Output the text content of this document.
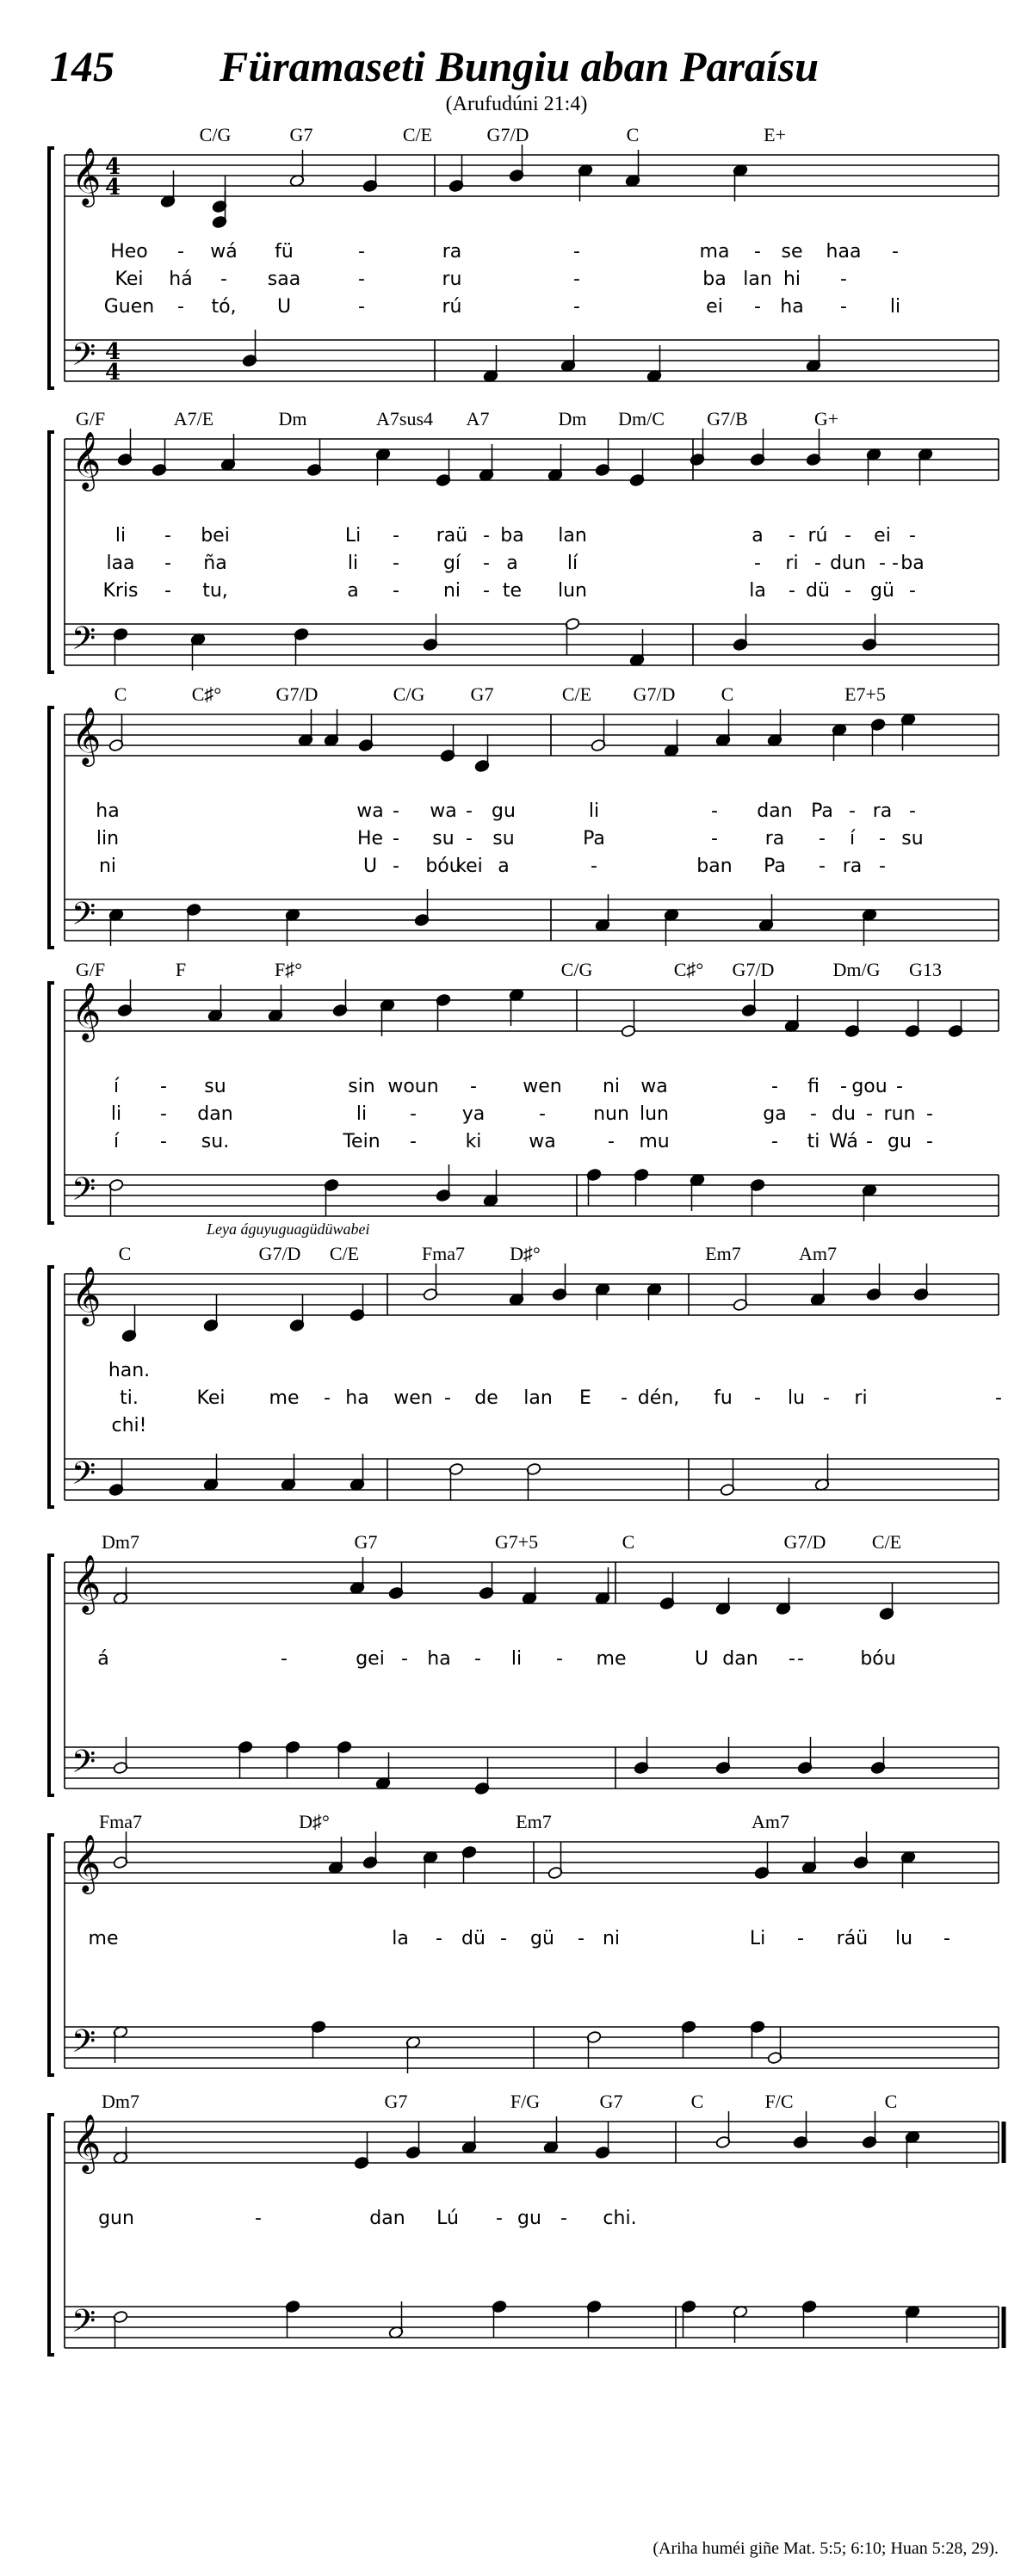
145 Füramaseti Bungiu aban Paraísu
(Arufudúni 21:4)
𝄞
𝄢
4
4
4
4
C/G	G7	C/E	G7/D	C	E+
Heo - wá fü	-	ra	-	ma - se haa -
Kei há - saa	-	ru	-	ba lan hi -
Guen - tó, U	-	rú	-	ei - ha - li
𝄞
𝄢
G/F	A7/E	Dm	A7sus4 A7	Dm Dm/C G7/B	G+
li - bei	Li - raü - ba lan	a - rú - ei -
laa - ña	li - gí - a	lí	- ri - dun - ba
-
Kris - tu,	a - ni - te lun	la - dü - gü -
𝄞
𝄢
C	C♯°	G7/D	C/G G7	C/E G7/D C	E7+5
ha	wa - wa - gu	li	- dan Pa - ra -
lin	He - su - su	Pa	- ra - í - su
ni	U - bóu
kei a	-	ban Pa - ra -
𝄞
𝄢
G/F	F	F♯°	C/G	C♯° G7/D	Dm/G G13
í - su	sin woun - wen ni wa	- fi - gou -
li - dan	li - ya	-	nun lun	ga - du - run -
í - su.	Tein -	ki wa	- mu	- ti Wá - gu -
𝄞
𝄢
Leya águyuguagüdüwabei
C	G7/D C/E	Fma7 D♯°	Em7	Am7
han.
ti.	Kei me - ha wen - de lan E - dén, fu - lu - ri	-
chi!
𝄞
𝄢
Dm7	G7	G7+5	C	G7/D C/E
á	-	gei - ha - li - me	U	-	bóu
dan -
𝄞
𝄢
Fma7	D♯°	Em7	Am7
me	la - dü - gü - ni	Li - ráü lu -
𝄞
𝄢
Dm7	G7	F/G	G7	C	F/C	C
gun	-	dan Lú - gu - chi.
(Ariha huméi giñe Mat. 5:5; 6:10; Huan 5:28, 29).
